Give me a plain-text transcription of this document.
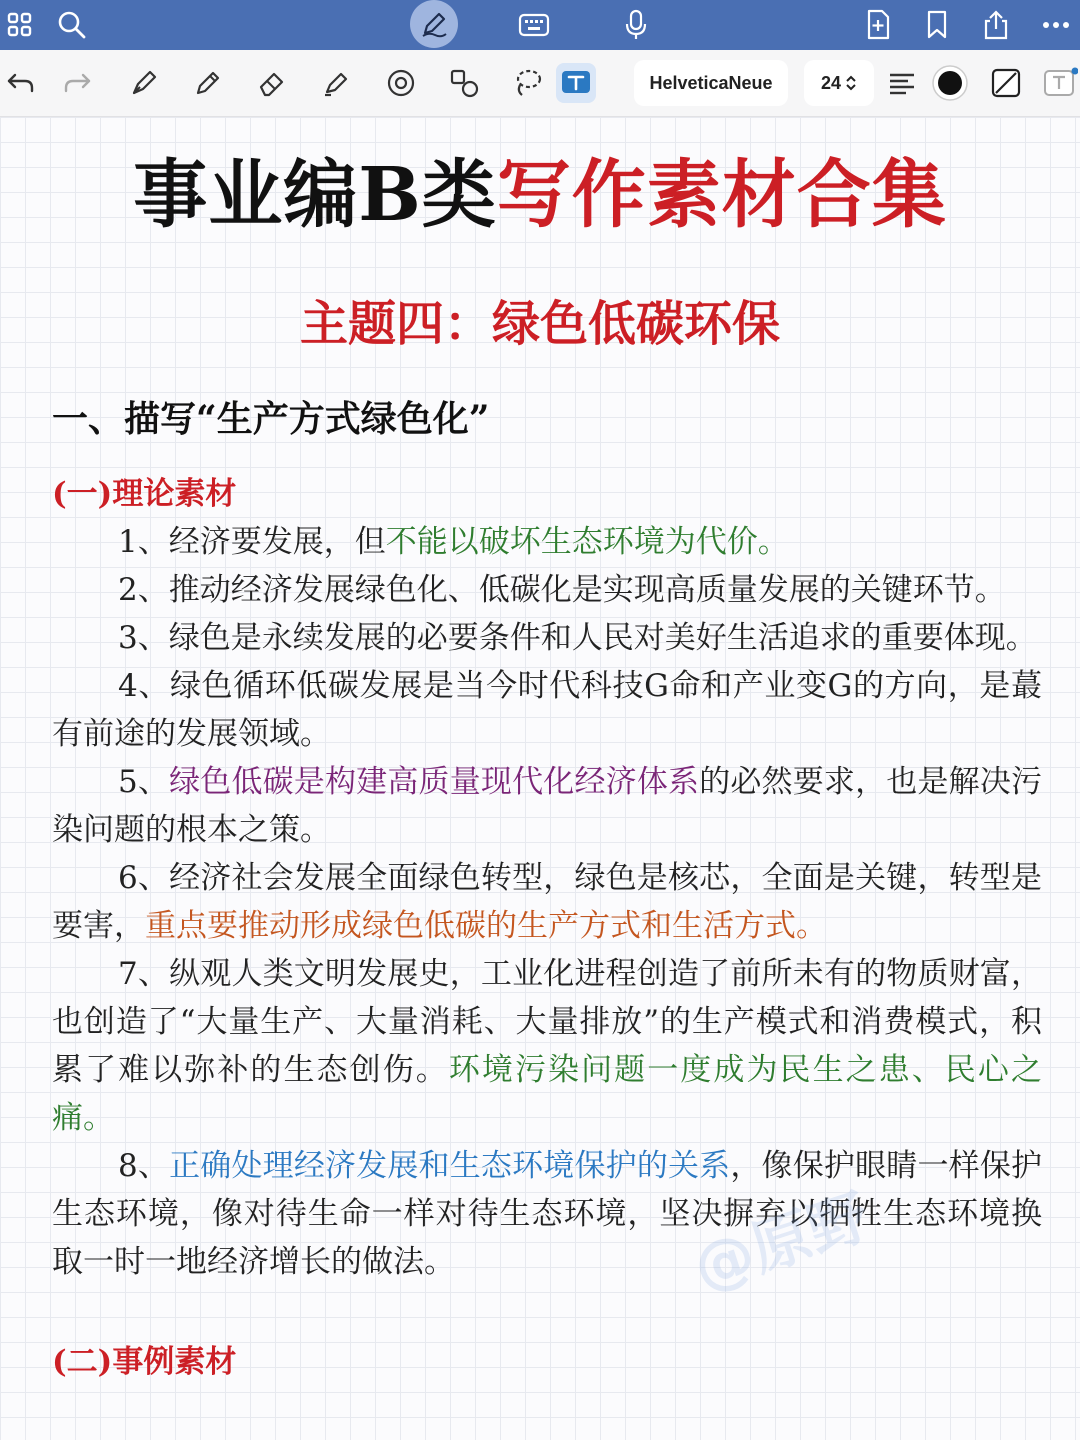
HelveticaNeue	24
事业编B类写作素材合集
主题四：绿色低碳环保
一、描写“生产方式绿色化”
(一)理论素材

1、经济要发展，但不能以破坏生态环境为代价。

2、推动经济发展绿色化、低碳化是实现高质量发展的关键环节。

3、绿色是永续发展的必要条件和人民对美好生活追求的重要体现。

4、绿色循环低碳发展是当今时代科技G命和产业变G的方向，是蕞有前途的发展领域。

5、绿色低碳是构建高质量现代化经济体系的必然要求，也是解决污染问题的根本之策。

6、经济社会发展全面绿色转型，绿色是核芯，全面是关键，转型是要害，重点要推动形成绿色低碳的生产方式和生活方式。

7、纵观人类文明发展史，工业化进程创造了前所未有的物质财富，也创造了“大量生产、大量消耗、大量排放”的生产模式和消费模式，积累了难以弥补的生态创伤。环境污染问题一度成为民生之患、民心之痛。

8、正确处理经济发展和生态环境保护的关系，像保护眼睛一样保护生态环境，像对待生命一样对待生态环境，坚决摒弃以牺牲生态环境换取一时一地经济增长的做法。

(二)事例素材
@原野
